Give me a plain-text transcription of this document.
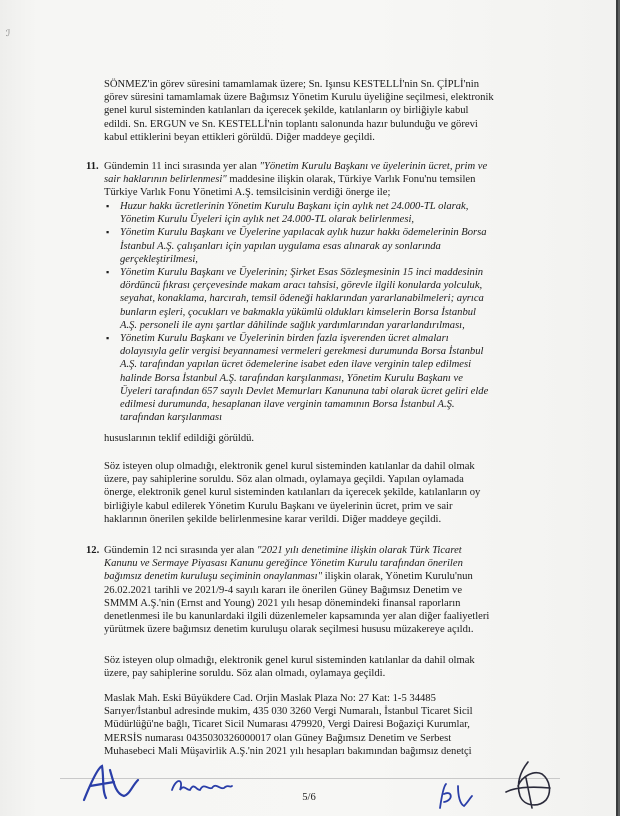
ℐ
SÖNMEZ'in görev süresini tamamlamak üzere; Sn. Işınsu KESTELLİ'nin Sn. ÇİPLİ'nin
görev süresini tamamlamak üzere Bağımsız Yönetim Kurulu üyeliğine seçilmesi, elektronik
genel kurul sisteminden katılanları da içerecek şekilde, katılanların oy birliğiyle kabul
edildi. Sn. ERGUN ve Sn. KESTELLİ'nin toplantı salonunda hazır bulunduğu ve görevi
kabul ettiklerini beyan ettikleri görüldü. Diğer maddeye geçildi.
11. Gündemin 11 inci sırasında yer alan "Yönetim Kurulu Başkanı ve üyelerinin ücret, prim ve
sair haklarının belirlenmesi" maddesine ilişkin olarak, Türkiye Varlık Fonu'nu temsilen
Türkiye Varlık Fonu Yönetimi A.Ş. temsilcisinin verdiği önerge ile;
▪ Huzur hakkı ücretlerinin Yönetim Kurulu Başkanı için aylık net 24.000-TL olarak,
Yönetim Kurulu Üyeleri için aylık net 24.000-TL olarak belirlenmesi,
▪ Yönetim Kurulu Başkanı ve Üyelerine yapılacak aylık huzur hakkı ödemelerinin Borsa
İstanbul A.Ş. çalışanları için yapılan uygulama esas alınarak ay sonlarında
gerçekleştirilmesi,
▪ Yönetim Kurulu Başkanı ve Üyelerinin; Şirket Esas Sözleşmesinin 15 inci maddesinin
dördüncü fıkrası çerçevesinde makam aracı tahsisi, görevle ilgili konularda yolculuk,
seyahat, konaklama, harcırah, temsil ödeneği haklarından yararlanabilmeleri; ayrıca
bunların eşleri, çocukları ve bakmakla yükümlü oldukları kimselerin Borsa İstanbul
A.Ş. personeli ile aynı şartlar dâhilinde sağlık yardımlarından yararlandırılması,
▪ Yönetim Kurulu Başkanı ve Üyelerinin birden fazla işverenden ücret almaları
dolayısıyla gelir vergisi beyannamesi vermeleri gerekmesi durumunda Borsa İstanbul
A.Ş. tarafından yapılan ücret ödemelerine isabet eden ilave verginin talep edilmesi
halinde Borsa İstanbul A.Ş. tarafından karşılanması, Yönetim Kurulu Başkanı ve
Üyeleri tarafından 657 sayılı Devlet Memurları Kanununa tabi olarak ücret geliri elde
edilmesi durumunda, hesaplanan ilave verginin tamamının Borsa İstanbul A.Ş.
tarafından karşılanması
hususlarının teklif edildiği görüldü.
Söz isteyen olup olmadığı, elektronik genel kurul sisteminden katılanlar da dahil olmak
üzere, pay sahiplerine soruldu. Söz alan olmadı, oylamaya geçildi. Yapılan oylamada
önerge, elektronik genel kurul sisteminden katılanları da içerecek şekilde, katılanların oy
birliğiyle kabul edilerek Yönetim Kurulu Başkanı ve üyelerinin ücret, prim ve sair
haklarının önerilen şekilde belirlenmesine karar verildi. Diğer maddeye geçildi.
12. Gündemin 12 nci sırasında yer alan "2021 yılı denetimine ilişkin olarak Türk Ticaret
Kanunu ve Sermaye Piyasası Kanunu gereğince Yönetim Kurulu tarafından önerilen
bağımsız denetim kuruluşu seçiminin onaylanması" ilişkin olarak, Yönetim Kurulu'nun
26.02.2021 tarihli ve 2021/9-4 sayılı kararı ile önerilen Güney Bağımsız Denetim ve
SMMM A.Ş.'nin (Ernst and Young) 2021 yılı hesap dönemindeki finansal raporların
denetlenmesi ile bu kanunlardaki ilgili düzenlemeler kapsamında yer alan diğer faaliyetleri
yürütmek üzere bağımsız denetim kuruluşu olarak seçilmesi hususu müzakereye açıldı.
Söz isteyen olup olmadığı, elektronik genel kurul sisteminden katılanlar da dahil olmak
üzere, pay sahiplerine soruldu. Söz alan olmadı, oylamaya geçildi.
Maslak Mah. Eski Büyükdere Cad. Orjin Maslak Plaza No: 27 Kat: 1-5 34485
Sarıyer/İstanbul adresinde mukim, 435 030 3260 Vergi Numaralı, İstanbul Ticaret Sicil
Müdürlüğü'ne bağlı, Ticaret Sicil Numarası 479920, Vergi Dairesi Boğaziçi Kurumlar,
MERSİS numarası 0435030326000017 olan Güney Bağımsız Denetim ve Serbest
Muhasebeci Mali Müşavirlik A.Ş.'nin 2021 yılı hesapları bakımından bağımsız denetçi
5/6
